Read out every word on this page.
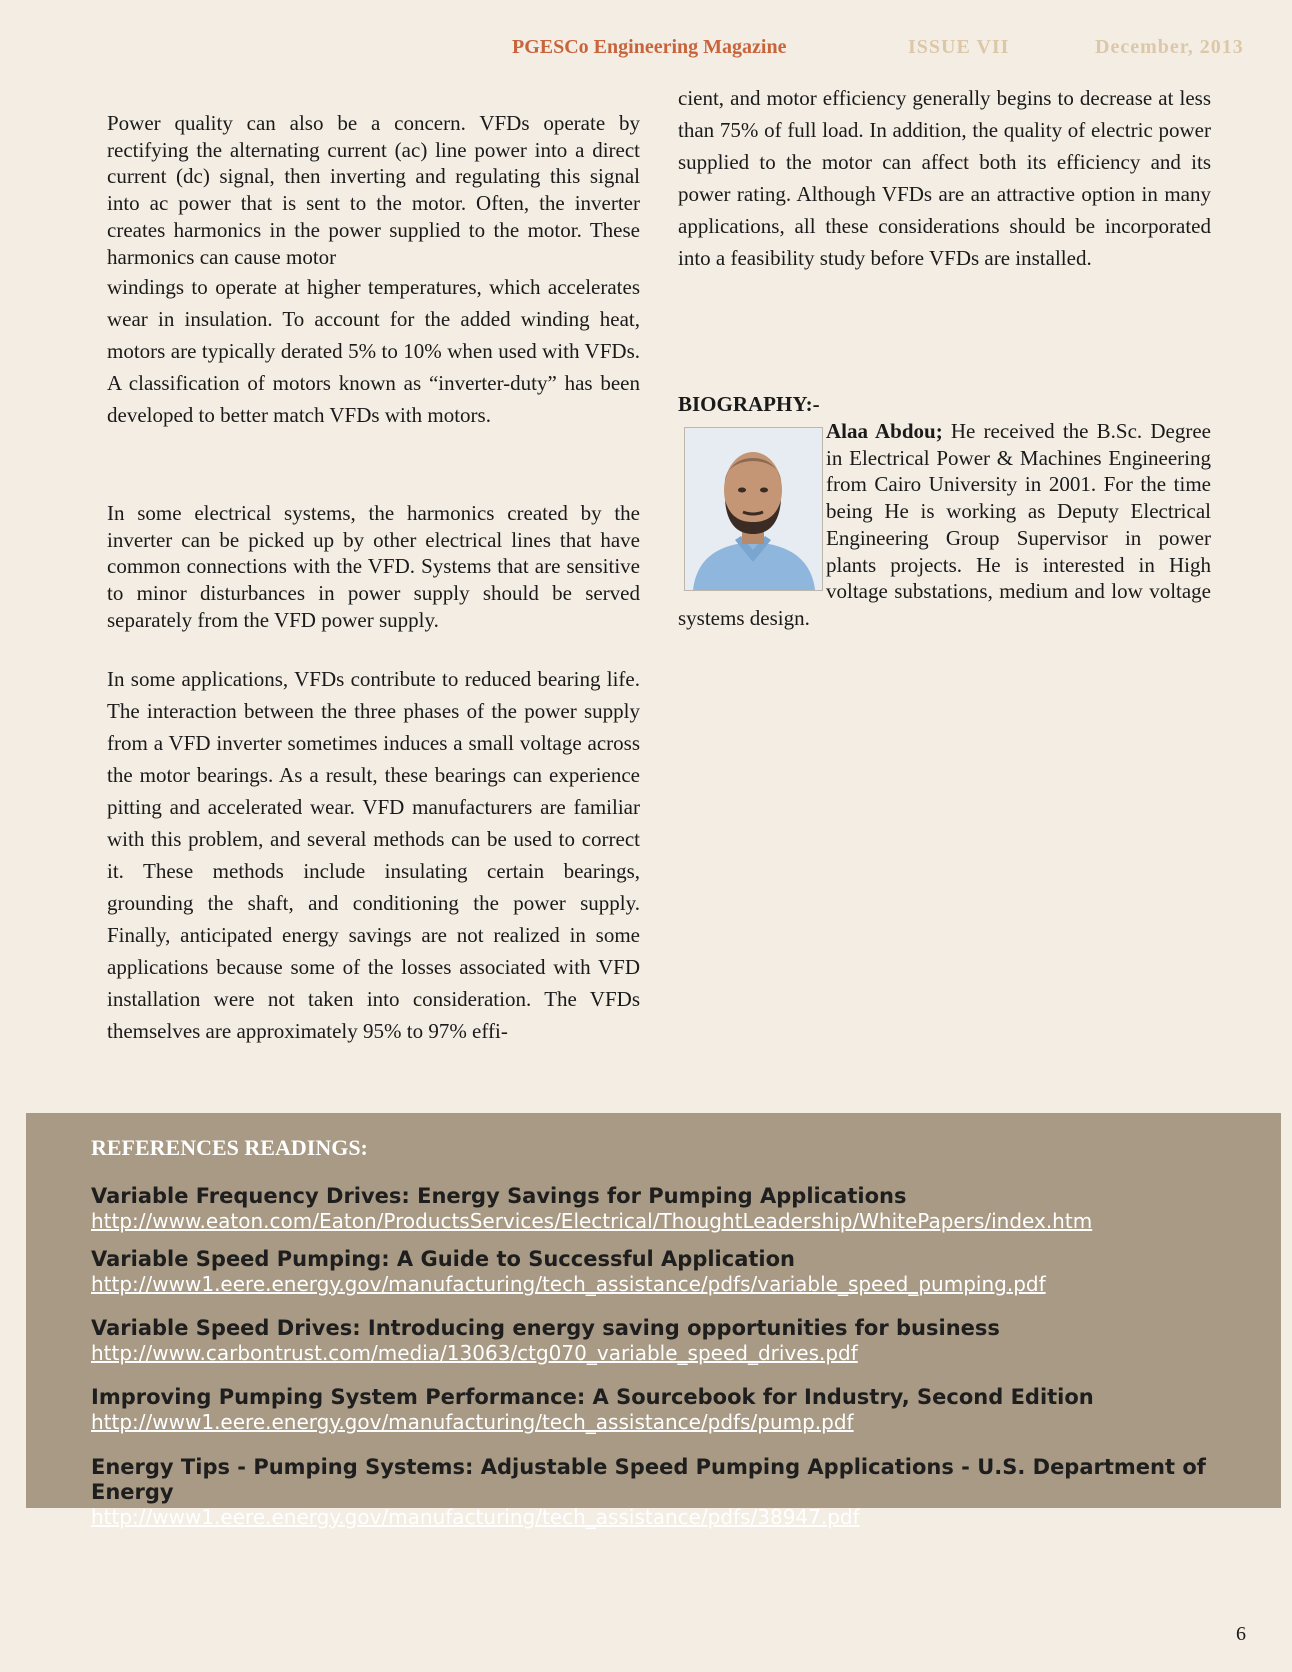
PGESCo Engineering Magazine	ISSUE VII	December, 2013

Power quality can also be a concern. VFDs operate by rectifying the alternating current (ac) line power into a direct current (dc) signal, then inverting and regulating this signal into ac power that is sent to the motor. Often, the inverter creates harmonics in the power supplied to the motor. These harmonics can cause motor

windings to operate at higher temperatures, which accelerates wear in insulation. To account for the added winding heat, motors are typically derated 5% to 10% when used with VFDs. A classification of motors known as “inverter-duty” has been developed to better match VFDs with motors.

In some electrical systems, the harmonics created by the inverter can be picked up by other electrical lines that have common connections with the VFD. Systems that are sensitive to minor disturbances in power supply should be served separately from the VFD power supply.

In some applications, VFDs contribute to reduced bearing life. The interaction between the three phases of the power supply from a VFD inverter sometimes induces a small voltage across the motor bearings. As a result, these bearings can experience pitting and accelerated wear. VFD manufacturers are familiar with this problem, and several methods can be used to correct it. These methods include insulating certain bearings, grounding the shaft, and conditioning the power supply. Finally, anticipated energy savings are not realized in some applications because some of the losses associated with VFD installation were not taken into consideration. The VFDs themselves are approximately 95% to 97% effi-

cient, and motor efficiency generally begins to decrease at less than 75% of full load. In addition, the quality of electric power supplied to the motor can affect both its efficiency and its power rating. Although VFDs are an attractive option in many applications, all these considerations should be incorporated into a feasibility study before VFDs are installed.

BIOGRAPHY:-
Alaa Abdou; He received the B.Sc. Degree in Electrical Power & Machines Engineering from Cairo University in 2001. For the time being He is working as Deputy Electrical Engineering Group Supervisor in power plants projects. He is interested in High voltage substations, medium and low voltage systems design.
REFERENCES READINGS:
Variable Frequency Drives: Energy Savings for Pumping Applications
http://www.eaton.com/Eaton/ProductsServices/Electrical/ThoughtLeadership/WhitePapers/index.htm
Variable Speed Pumping: A Guide to Successful Application
http://www1.eere.energy.gov/manufacturing/tech_assistance/pdfs/variable_speed_pumping.pdf
Variable Speed Drives: Introducing energy saving opportunities for business
http://www.carbontrust.com/media/13063/ctg070_variable_speed_drives.pdf
Improving Pumping System Performance: A Sourcebook for Industry, Second Edition
http://www1.eere.energy.gov/manufacturing/tech_assistance/pdfs/pump.pdf
Energy Tips - Pumping Systems: Adjustable Speed Pumping Applications - U.S. Department of Energy
http://www1.eere.energy.gov/manufacturing/tech_assistance/pdfs/38947.pdf
6
